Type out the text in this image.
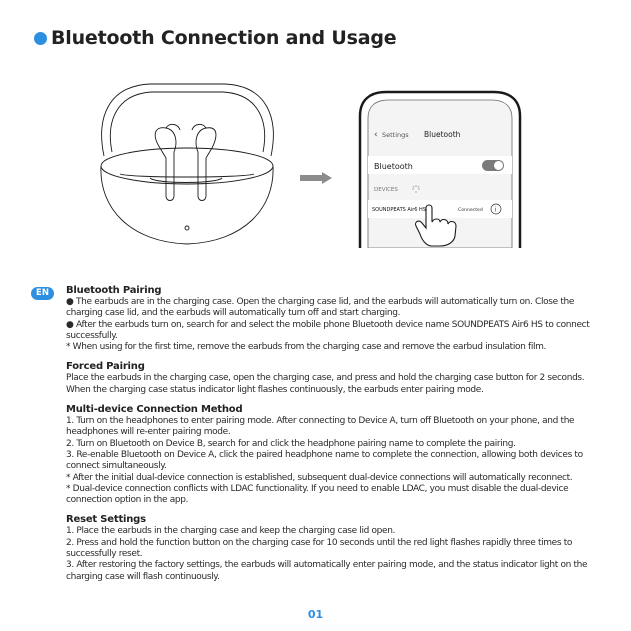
Bluetooth Connection and Usage
‹ Settings Bluetooth
Bluetooth
DEVICES
SOUNDPEATS Air6 HS	Connected i
EN	Bluetooth Pairing

● The earbuds are in the charging case. Open the charging case lid, and the earbuds will automatically turn on. Close the charging case lid, and the earbuds will automatically turn off and start charging.

● After the earbuds turn on, search for and select the mobile phone Bluetooth device name SOUNDPEATS Air6 HS to connect successfully.

* When using for the first time, remove the earbuds from the charging case and remove the earbud insulation film.

Forced Pairing

Place the earbuds in the charging case, open the charging case, and press and hold the charging case button for 2 seconds. When the charging case status indicator light flashes continuously, the earbuds enter pairing mode.

Multi-device Connection Method

1. Turn on the headphones to enter pairing mode. After connecting to Device A, turn off Bluetooth on your phone, and the headphones will re-enter pairing mode.

2. Turn on Bluetooth on Device B, search for and click the headphone pairing name to complete the pairing.

3. Re-enable Bluetooth on Device A, click the paired headphone name to complete the connection, allowing both devices to connect simultaneously.

* After the initial dual-device connection is established, subsequent dual-device connections will automatically reconnect.

* Dual-device connection conflicts with LDAC functionality. If you need to enable LDAC, you must disable the dual-device connection option in the app.

Reset Settings

1. Place the earbuds in the charging case and keep the charging case lid open.

2. Press and hold the function button on the charging case for 10 seconds until the red light flashes rapidly three times to successfully reset.

3. After restoring the factory settings, the earbuds will automatically enter pairing mode, and the status indicator light on the charging case will flash continuously.

01
